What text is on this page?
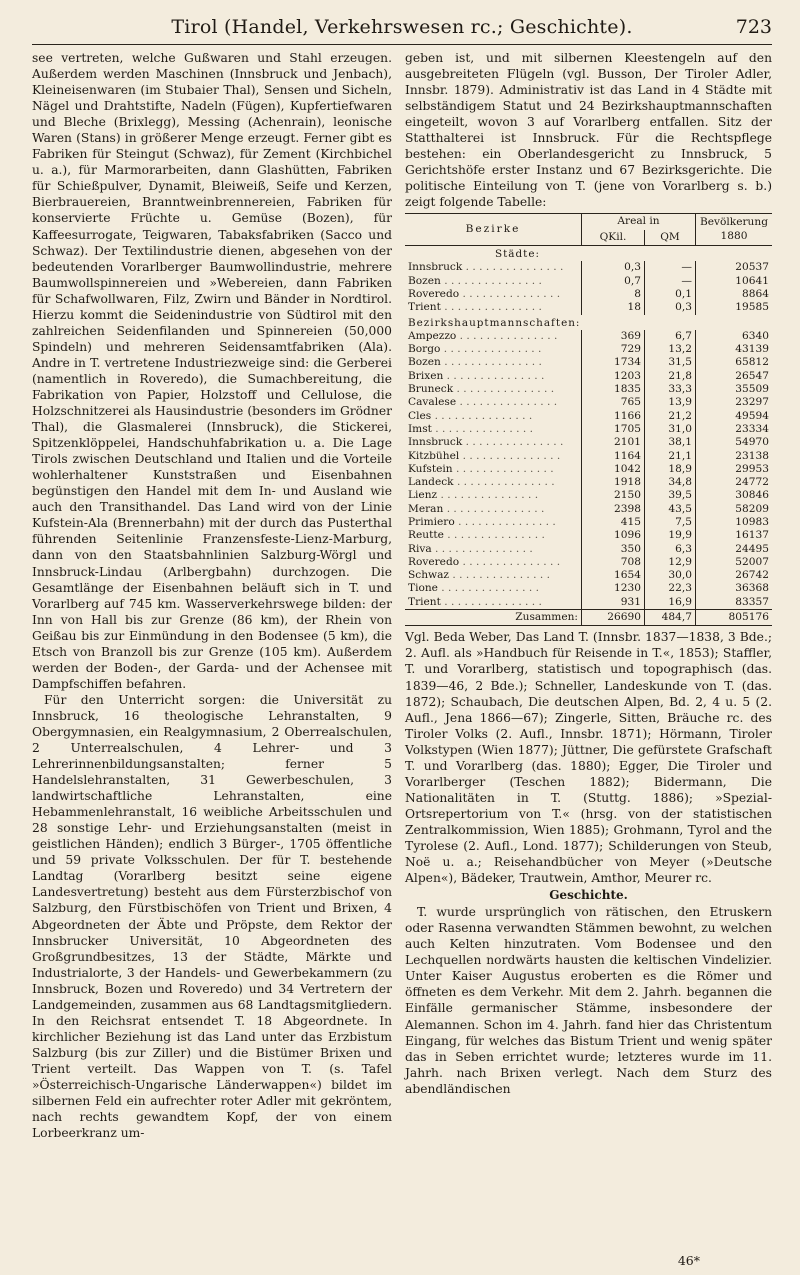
Tirol (Handel, Verkehrswesen rc.; Geschichte).	723

see vertreten, welche Gußwaren und Stahl erzeugen. Außerdem werden Maschinen (Innsbruck und Jenbach), Kleineisenwaren (im Stubaier Thal), Sensen und Sicheln, Nägel und Drahtstifte, Nadeln (Fügen), Kupfertiefwaren und Bleche (Brixlegg), Messing (Achenrain), leonische Waren (Stans) in größerer Menge erzeugt. Ferner gibt es Fabriken für Steingut (Schwaz), für Zement (Kirchbichel u. a.), für Marmorarbeiten, dann Glashütten, Fabriken für Schießpulver, Dynamit, Bleiweiß, Seife und Kerzen, Bierbrauereien, Branntweinbrennereien, Fabriken für konservierte Früchte u. Gemüse (Bozen), für Kaffeesurrogate, Teigwaren, Tabaksfabriken (Sacco und Schwaz). Der Textilindustrie dienen, abgesehen von der bedeutenden Vorarlberger Baumwollindustrie, mehrere Baumwollspinnereien und »Webereien, dann Fabriken für Schafwollwaren, Filz, Zwirn und Bänder in Nordtirol. Hierzu kommt die Seidenindustrie von Südtirol mit den zahlreichen Seidenfilanden und Spinnereien (50,000 Spindeln) und mehreren Seidensamtfabriken (Ala). Andre in T. vertretene Industriezweige sind: die Gerberei (namentlich in Roveredo), die Sumachbereitung, die Fabrikation von Papier, Holzstoff und Cellulose, die Holzschnitzerei als Hausindustrie (besonders im Grödner Thal), die Glasmalerei (Innsbruck), die Stickerei, Spitzenklöppelei, Handschuhfabrikation u. a. Die Lage Tirols zwischen Deutschland und Italien und die Vorteile wohlerhaltener Kunststraßen und Eisenbahnen begünstigen den Handel mit dem In- und Ausland wie auch den Transithandel. Das Land wird von der Linie Kufstein-Ala (Brennerbahn) mit der durch das Pusterthal führenden Seitenlinie Franzensfeste-Lienz-Marburg, dann von den Staatsbahnlinien Salzburg-Wörgl und Innsbruck-Lindau (Arlbergbahn) durchzogen. Die Gesamtlänge der Eisenbahnen beläuft sich in T. und Vorarlberg auf 745 km. Wasserverkehrswege bilden: der Inn von Hall bis zur Grenze (86 km), der Rhein von Geißau bis zur Einmündung in den Bodensee (5 km), die Etsch von Branzoll bis zur Grenze (105 km). Außerdem werden der Boden-, der Garda- und der Achensee mit Dampfschiffen befahren.

Für den Unterricht sorgen: die Universität zu Innsbruck, 16 theologische Lehranstalten, 9 Obergymnasien, ein Realgymnasium, 2 Oberrealschulen, 2 Unterrealschulen, 4 Lehrer- und 3 Lehrerinnenbildungsanstalten; ferner 5 Handelslehranstalten, 31 Gewerbeschulen, 3 landwirtschaftliche Lehranstalten, eine Hebammenlehranstalt, 16 weibliche Arbeitsschulen und 28 sonstige Lehr- und Erziehungsanstalten (meist in geistlichen Händen); endlich 3 Bürger-, 1705 öffentliche und 59 private Volksschulen. Der für T. bestehende Landtag (Vorarlberg besitzt seine eigene Landesvertretung) besteht aus dem Fürsterzbischof von Salzburg, den Fürstbischöfen von Trient und Brixen, 4 Abgeordneten der Äbte und Pröpste, dem Rektor der Innsbrucker Universität, 10 Abgeordneten des Großgrundbesitzes, 13 der Städte, Märkte und Industrialorte, 3 der Handels- und Gewerbekammern (zu Innsbruck, Bozen und Roveredo) und 34 Vertretern der Landgemeinden, zusammen aus 68 Landtagsmitgliedern. In den Reichsrat entsendet T. 18 Abgeordnete. In kirchlicher Beziehung ist das Land unter das Erzbistum Salzburg (bis zur Ziller) und die Bistümer Brixen und Trient verteilt. Das Wappen von T. (s. Tafel »Österreichisch-Ungarische Länderwappen«) bildet im silbernen Feld ein aufrechter roter Adler mit gekröntem, nach rechts gewandtem Kopf, der von einem Lorbeerkranz um-

geben ist, und mit silbernen Kleestengeln auf den ausgebreiteten Flügeln (vgl. Busson, Der Tiroler Adler, Innsbr. 1879). Administrativ ist das Land in 4 Städte mit selbständigem Statut und 24 Bezirkshauptmannschaften eingeteilt, wovon 3 auf Vorarlberg entfallen. Sitz der Statthalterei ist Innsbruck. Für die Rechtspflege bestehen: ein Oberlandesgericht zu Innsbruck, 5 Gerichtshöfe erster Instanz und 67 Bezirksgerichte. Die politische Einteilung von T. (jene von Vorarlberg s. b.) zeigt folgende Tabelle:

Bezirke	Areal in		Bevölkerung 1880
	QKil.	QM	
Städte:			
Innsbruck . . . . . . . . . . . . . . .	0,3	—	20537
Bozen . . . . . . . . . . . . . . .	0,7	—	10641
Roveredo . . . . . . . . . . . . . . .	8	0,1	8864
Trient . . . . . . . . . . . . . . .	18	0,3	19585
Bezirkshauptmannschaften:			
Ampezzo . . . . . . . . . . . . . . .	369	6,7	6340
Borgo . . . . . . . . . . . . . . .	729	13,2	43139
Bozen . . . . . . . . . . . . . . .	1734	31,5	65812
Brixen . . . . . . . . . . . . . . .	1203	21,8	26547
Bruneck . . . . . . . . . . . . . . .	1835	33,3	35509
Cavalese . . . . . . . . . . . . . . .	765	13,9	23297
Cles . . . . . . . . . . . . . . .	1166	21,2	49594
Imst . . . . . . . . . . . . . . .	1705	31,0	23334
Innsbruck . . . . . . . . . . . . . . .	2101	38,1	54970
Kitzbühel . . . . . . . . . . . . . . .	1164	21,1	23138
Kufstein . . . . . . . . . . . . . . .	1042	18,9	29953
Landeck . . . . . . . . . . . . . . .	1918	34,8	24772
Lienz . . . . . . . . . . . . . . .	2150	39,5	30846
Meran . . . . . . . . . . . . . . .	2398	43,5	58209
Primiero . . . . . . . . . . . . . . .	415	7,5	10983
Reutte . . . . . . . . . . . . . . .	1096	19,9	16137
Riva . . . . . . . . . . . . . . .	350	6,3	24495
Roveredo . . . . . . . . . . . . . . .	708	12,9	52007
Schwaz . . . . . . . . . . . . . . .	1654	30,0	26742
Tione . . . . . . . . . . . . . . .	1230	22,3	36368
Trient . . . . . . . . . . . . . . .	931	16,9	83357
Zusammen:	26690	484,7	805176

Vgl. Beda Weber, Das Land T. (Innsbr. 1837—1838, 3 Bde.; 2. Aufl. als »Handbuch für Reisende in T.«, 1853); Staffler, T. und Vorarlberg, statistisch und topographisch (das. 1839—46, 2 Bde.); Schneller, Landeskunde von T. (das. 1872); Schaubach, Die deutschen Alpen, Bd. 2, 4 u. 5 (2. Aufl., Jena 1866—67); Zingerle, Sitten, Bräuche rc. des Tiroler Volks (2. Aufl., Innsbr. 1871); Hörmann, Tiroler Volkstypen (Wien 1877); Jüttner, Die gefürstete Grafschaft T. und Vorarlberg (das. 1880); Egger, Die Tiroler und Vorarlberger (Teschen 1882); Bidermann, Die Nationalitäten in T. (Stuttg. 1886); »Spezial-Ortsrepertorium von T.« (hrsg. von der statistischen Zentralkommission, Wien 1885); Grohmann, Tyrol and the Tyrolese (2. Aufl., Lond. 1877); Schilderungen von Steub, Noë u. a.; Reisehandbücher von Meyer (»Deutsche Alpen«), Bädeker, Trautwein, Amthor, Meurer rc.

Geschichte.

T. wurde ursprünglich von rätischen, den Etruskern oder Rasenna verwandten Stämmen bewohnt, zu welchen auch Kelten hinzutraten. Vom Bodensee und den Lechquellen nordwärts hausten die keltischen Vindelizier. Unter Kaiser Augustus eroberten es die Römer und öffneten es dem Verkehr. Mit dem 2. Jahrh. begannen die Einfälle germanischer Stämme, insbesondere der Alemannen. Schon im 4. Jahrh. fand hier das Christentum Eingang, für welches das Bistum Trient und wenig später das in Seben errichtet wurde; letzteres wurde im 11. Jahrh. nach Brixen verlegt. Nach dem Sturz des abendländischen

46*
